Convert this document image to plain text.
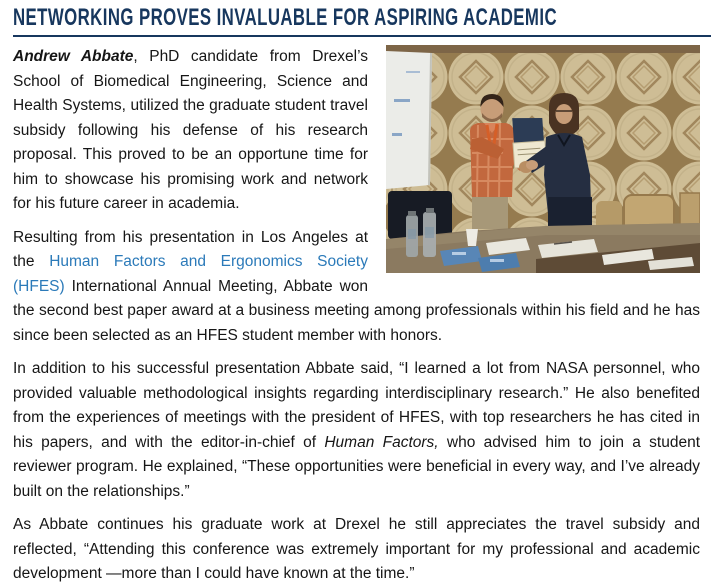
NETWORKING PROVES INVALUABLE FOR ASPIRING ACADEMIC

Andrew Abbate, PhD candidate from Drexel’s School of Biomedical Engineering, Science and Health Systems, utilized the graduate student travel subsidy following his defense of his research proposal. This proved to be an opportune time for him to showcase his promising work and network for his future career in academia.

Resulting from his presentation in Los Angeles at the Human Factors and Ergonomics Society (HFES) International Annual Meeting, Abbate won the second best paper award at a business meeting among professionals within his field and he has since been selected as an HFES student member with honors.

In addition to his successful presentation Abbate said, “I learned a lot from NASA personnel, who provided valuable methodological insights regarding interdisciplinary research.” He also benefited from the experiences of meetings with the president of HFES, with top researchers he has cited in his papers, and with the editor-in-chief of Human Factors, who advised him to join a student reviewer program. He explained, “These opportunities were beneficial in every way, and I’ve already built on the relationships.”

As Abbate continues his graduate work at Drexel he still appreciates the travel subsidy and reflected, “Attending this conference was extremely important for my professional and academic development —more than I could have known at the time.”
